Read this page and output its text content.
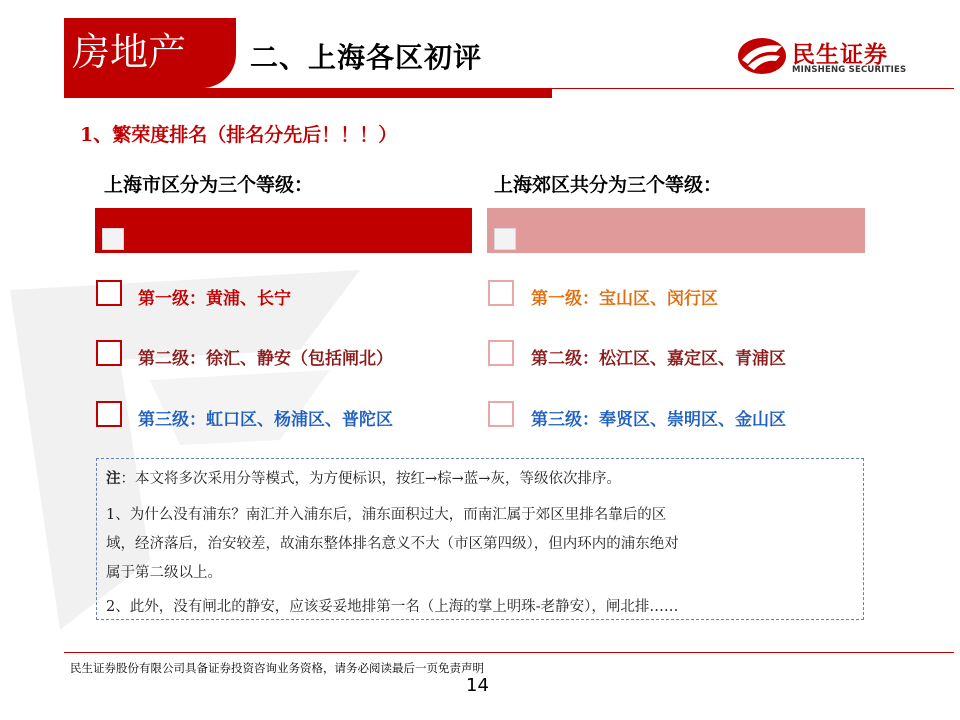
房地产	二、上海各区初评	民生证券
MINSHENG SECURITIES
1、繁荣度排名（排名分先后！！！）
上海市区分为三个等级：	上海郊区共分为三个等级：
第一级：黄浦、长宁
第二级：徐汇、静安（包括闸北）
第三级：虹口区、杨浦区、普陀区
第一级：宝山区、闵行区
第二级：松江区、嘉定区、青浦区
第三级：奉贤区、崇明区、金山区
注：本文将多次采用分等模式，为方便标识，按红→棕→蓝→灰，等级依次排序。
1、为什么没有浦东？南汇并入浦东后，浦东面积过大，而南汇属于郊区里排名靠后的区
域，经济落后，治安较差，故浦东整体排名意义不大（市区第四级），但内环内的浦东绝对
属于第二级以上。
2、此外，没有闸北的静安，应该妥妥地排第一名（上海的掌上明珠-老静安），闸北排……
民生证券股份有限公司具备证券投资咨询业务资格，请务必阅读最后一页免责声明
14
